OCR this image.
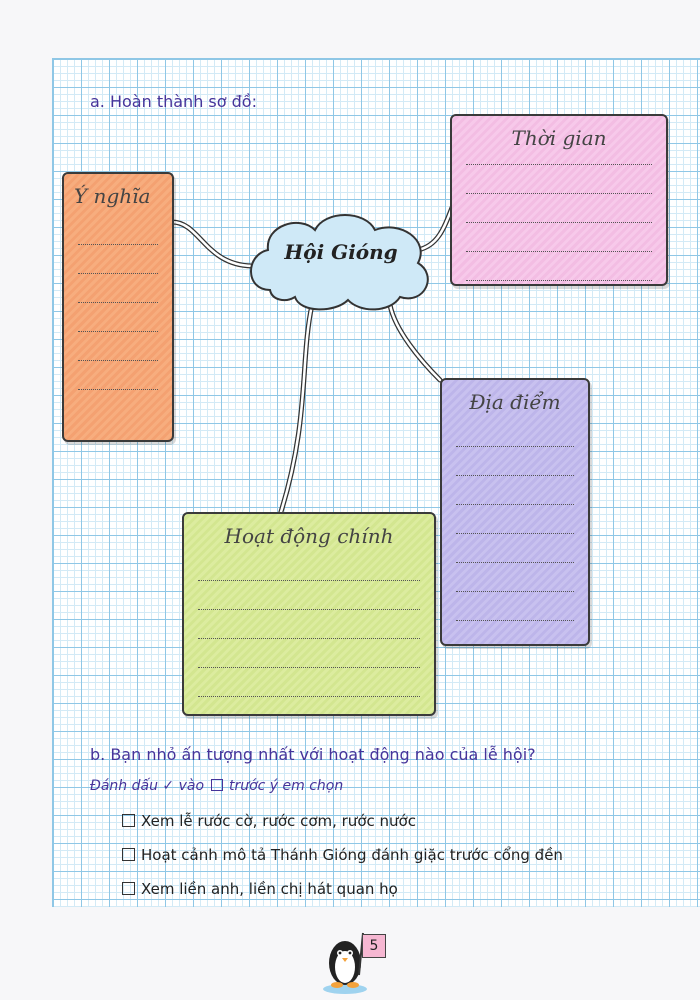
a. Hoàn thành sơ đồ:
Hội Gióng
Ý nghĩa
Thời gian
Địa điểm
Hoạt động chính
b. Bạn nhỏ ấn tượng nhất với hoạt động nào của lễ hội?
Đánh dấu ✓ vào trước ý em chọn
Xem lễ rước cờ, rước cơm, rước nước
Hoạt cảnh mô tả Thánh Gióng đánh giặc trước cổng đền
Xem liền anh, liền chị hát quan họ
5
